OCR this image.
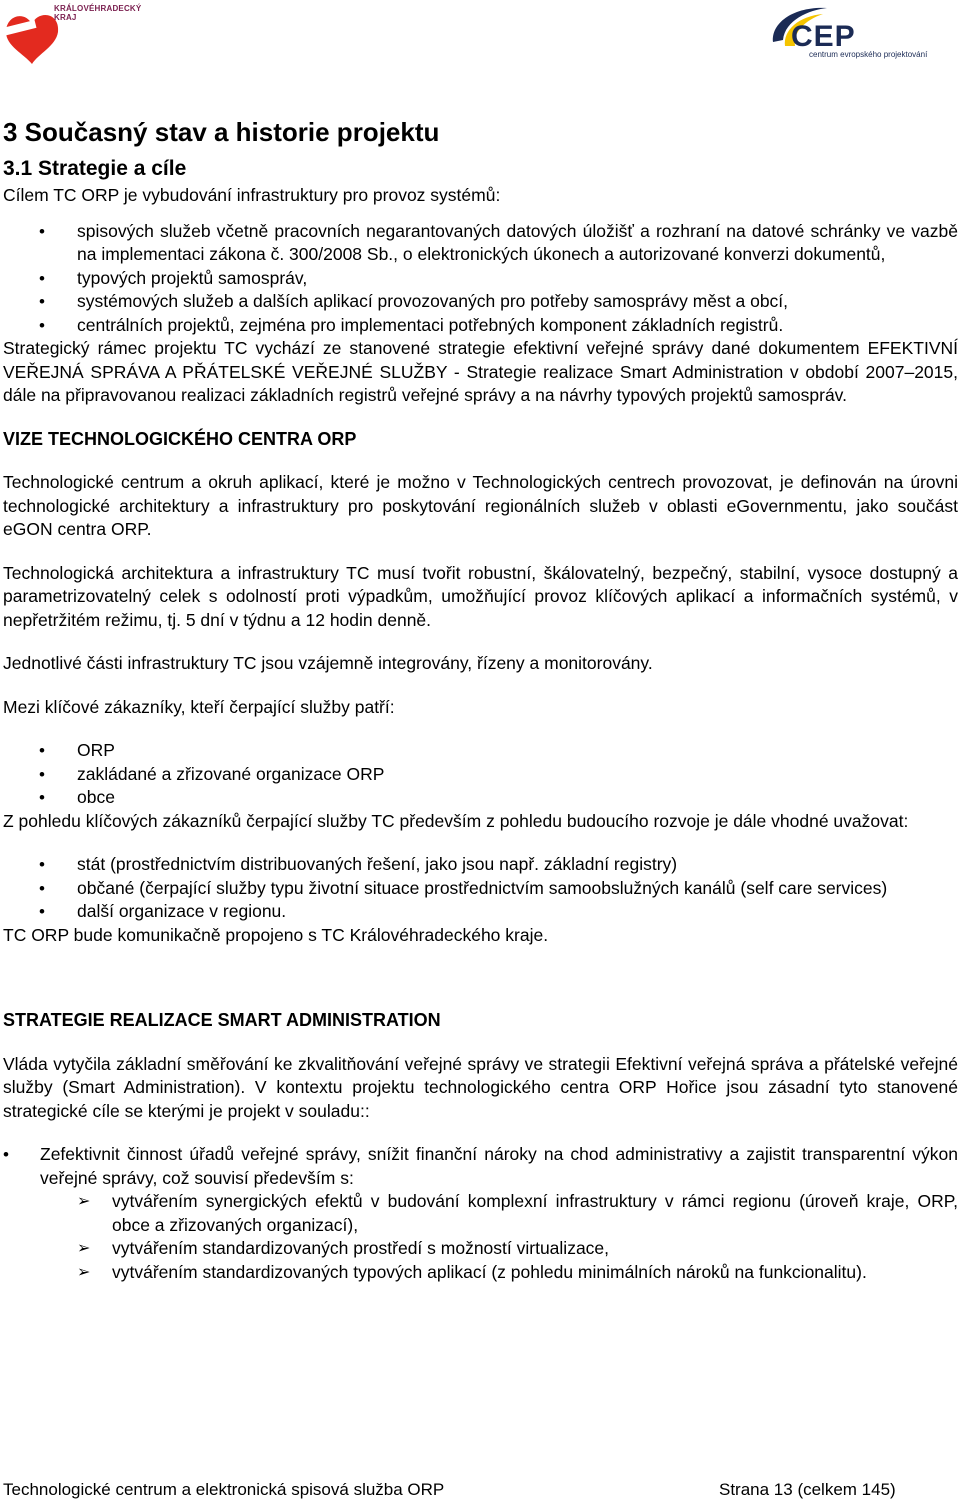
KRÁLOVÉHRADECKÝ
KRAJ
CEP
centrum evropského projektování
3 Současný stav a historie projektu
3.1 Strategie a cíle

Cílem TC ORP je vybudování infrastruktury pro provoz systémů:

• spisových služeb včetně pracovních negarantovaných datových úložišť a rozhraní na datové schránky ve vazbě na implementaci zákona č. 300/2008 Sb., o elektronických úkonech a autorizované konverzi dokumentů,
• typových projektů samospráv,
• systémových služeb a dalších aplikací provozovaných pro potřeby samosprávy měst a obcí,
• centrálních projektů, zejména pro implementaci potřebných komponent základních registrů.

Strategický rámec projektu TC vychází ze stanovené strategie efektivní veřejné správy dané dokumentem EFEKTIVNÍ VEŘEJNÁ SPRÁVA A PŘÁTELSKÉ VEŘEJNÉ SLUŽBY - Strategie realizace Smart Administration v období 2007–2015, dále na připravovanou realizaci základních registrů veřejné správy a na návrhy typových projektů samospráv.

VIZE TECHNOLOGICKÉHO CENTRA ORP

Technologické centrum a okruh aplikací, které je možno v Technologických centrech provozovat, je definován na úrovni technologické architektury a infrastruktury pro poskytování regionálních služeb v oblasti eGovernmentu, jako součást eGON centra ORP.

Technologická architektura a infrastruktury TC musí tvořit robustní, škálovatelný, bezpečný, stabilní, vysoce dostupný a parametrizovatelný celek s odolností proti výpadkům, umožňující provoz klíčových aplikací a informačních systémů, v nepřetržitém režimu, tj. 5 dní v týdnu a 12 hodin denně.

Jednotlivé části infrastruktury TC jsou vzájemně integrovány, řízeny a monitorovány.

Mezi klíčové zákazníky, kteří čerpající služby patří:

• ORP
• zakládané a zřizované organizace ORP
• obce

Z pohledu klíčových zákazníků čerpající služby TC především z pohledu budoucího rozvoje je dále vhodné uvažovat:

• stát (prostřednictvím distribuovaných řešení, jako jsou např. základní registry)
• občané (čerpající služby typu životní situace prostřednictvím samoobslužných kanálů (self care services)
• další organizace v regionu.

TC ORP bude komunikačně propojeno s TC Královéhradeckého kraje.

STRATEGIE REALIZACE SMART ADMINISTRATION

Vláda vytyčila základní směřování ke zkvalitňování veřejné správy ve strategii Efektivní veřejná správa a přátelské veřejné služby (Smart Administration). V kontextu projektu technologického centra ORP Hořice jsou zásadní tyto stanovené strategické cíle se kterými je projekt v souladu::

• Zefektivnit činnost úřadů veřejné správy, snížit finanční nároky na chod administrativy a zajistit transparentní výkon veřejné správy, což souvisí především s:
➢ vytvářením synergických efektů v budování komplexní infrastruktury v rámci regionu (úroveň kraje, ORP, obce a zřizovaných organizací),
➢ vytvářením standardizovaných prostředí s možností virtualizace,
➢ vytvářením standardizovaných typových aplikací (z pohledu minimálních nároků na funkcionalitu).
Technologické centrum a elektronická spisová služba ORP	Strana 13 (celkem 145)
